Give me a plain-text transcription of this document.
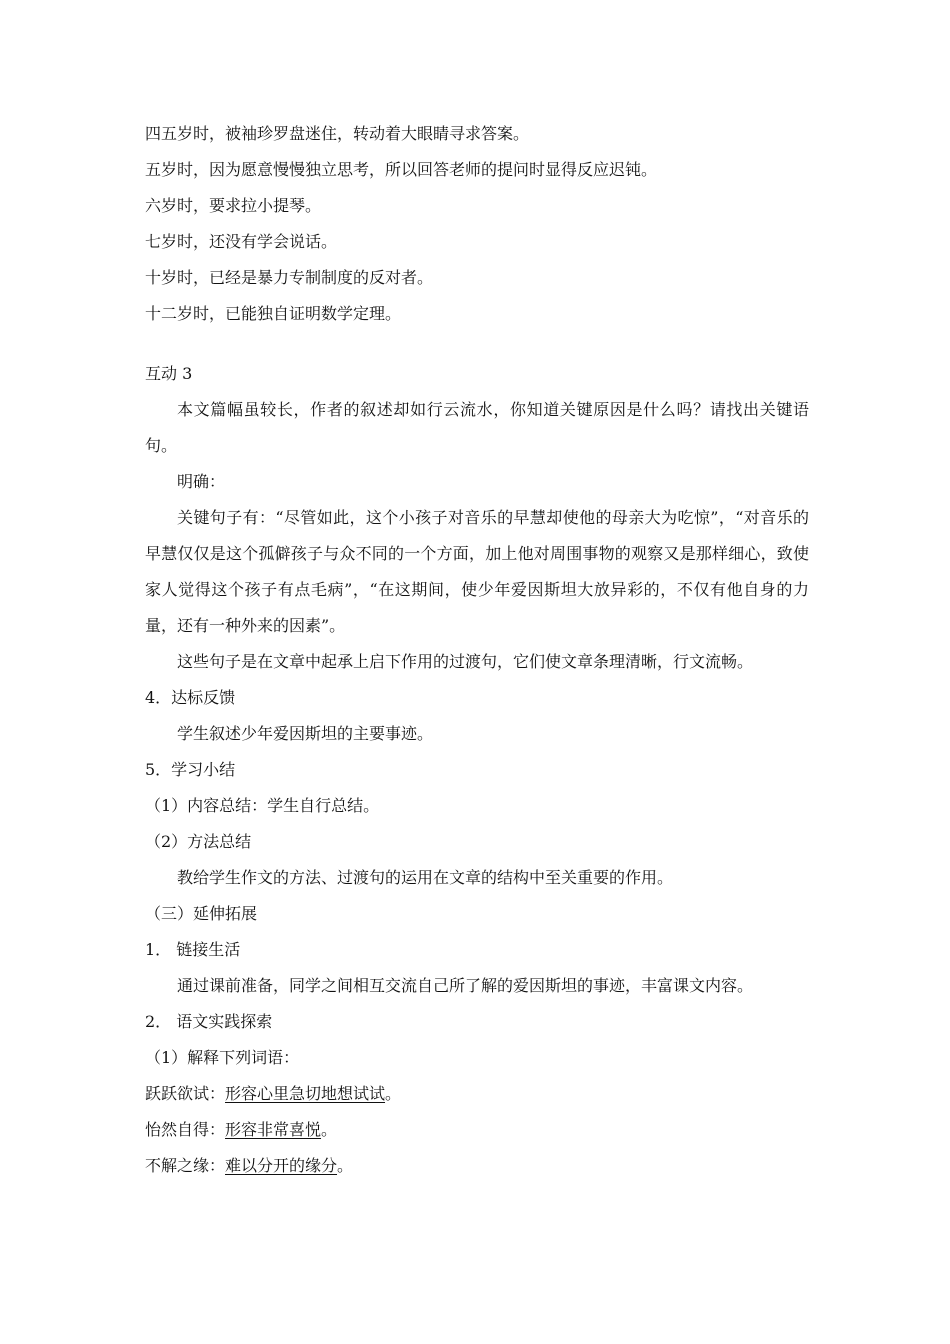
四五岁时，被袖珍罗盘迷住，转动着大眼睛寻求答案。
五岁时，因为愿意慢慢独立思考，所以回答老师的提问时显得反应迟钝。
六岁时，要求拉小提琴。
七岁时，还没有学会说话。
十岁时，已经是暴力专制制度的反对者。
十二岁时，已能独自证明数学定理。
互动 3
本文篇幅虽较长，作者的叙述却如行云流水，你知道关键原因是什么吗？请找出关键语句。
明确：
关键句子有：“尽管如此，这个小孩子对音乐的早慧却使他的母亲大为吃惊”，“对音乐的早慧仅仅是这个孤僻孩子与众不同的一个方面，加上他对周围事物的观察又是那样细心，致使家人觉得这个孩子有点毛病”，“在这期间，使少年爱因斯坦大放异彩的，不仅有他自身的力量，还有一种外来的因素”。
这些句子是在文章中起承上启下作用的过渡句，它们使文章条理清晰，行文流畅。
4．达标反馈
学生叙述少年爱因斯坦的主要事迹。
5．学习小结
（1）内容总结：学生自行总结。
（2）方法总结
教给学生作文的方法、过渡句的运用在文章的结构中至关重要的作用。
（三）延伸拓展
1． 链接生活
通过课前准备，同学之间相互交流自己所了解的爱因斯坦的事迹，丰富课文内容。
2． 语文实践探索
（1）解释下列词语：
跃跃欲试：形容心里急切地想试试。
怡然自得：形容非常喜悦。
不解之缘：难以分开的缘分。
